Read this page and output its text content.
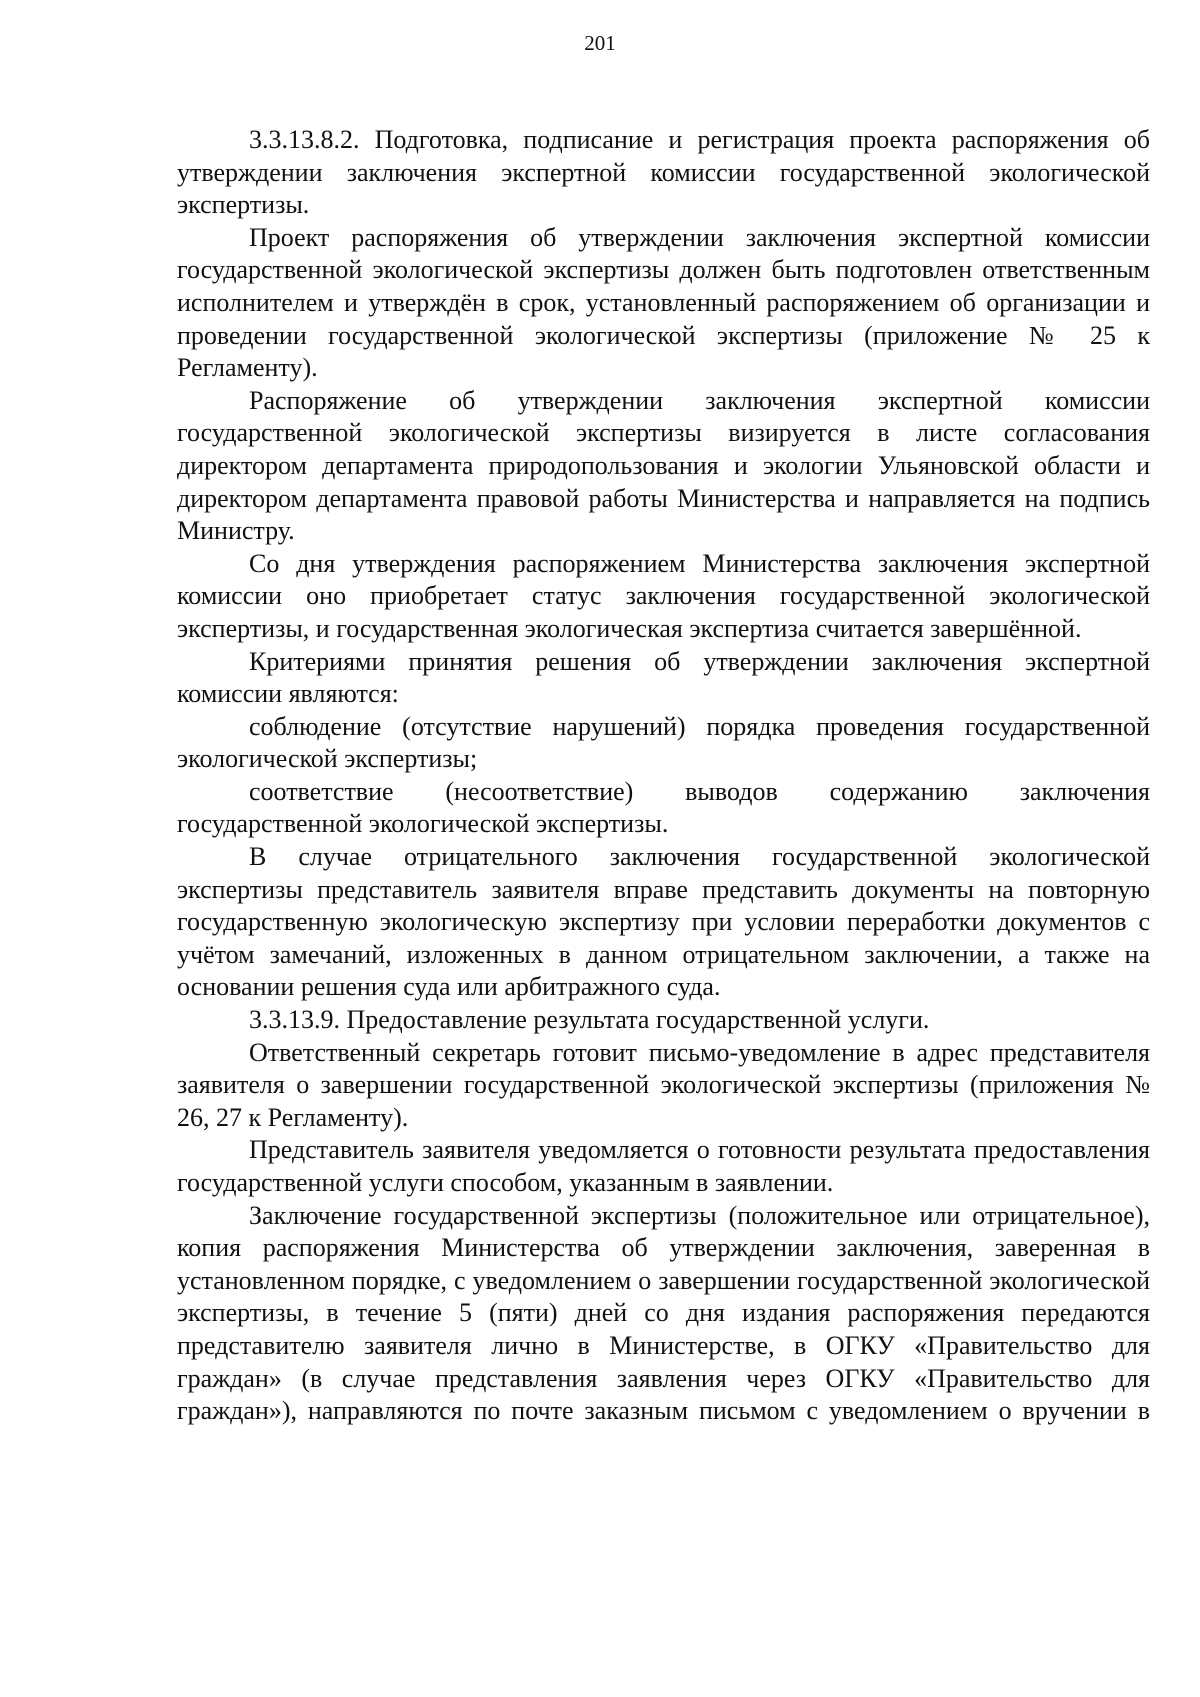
201

3.3.13.8.2. Подготовка, подписание и регистрация проекта распоряжения об утверждении заключения экспертной комиссии государственной экологической экспертизы.

Проект распоряжения об утверждении заключения экспертной комиссии государственной экологической экспертизы должен быть подготовлен ответственным исполнителем и утверждён в срок, установленный распоряжением об организации и проведении государственной экологической экспертизы (приложение № 25 к Регламенту).

Распоряжение об утверждении заключения экспертной комиссии государственной экологической экспертизы визируется в листе согласования директором департамента природопользования и экологии Ульяновской области и директором департамента правовой работы Министерства и направляется на подпись Министру.

Со дня утверждения распоряжением Министерства заключения экспертной комиссии оно приобретает статус заключения государственной экологической экспертизы, и государственная экологическая экспертиза считается завершённой.

Критериями принятия решения об утверждении заключения экспертной комиссии являются:

соблюдение (отсутствие нарушений) порядка проведения государственной экологической экспертизы;

соответствие (несоответствие) выводов содержанию заключения государственной экологической экспертизы.

В случае отрицательного заключения государственной экологической экспертизы представитель заявителя вправе представить документы на повторную государственную экологическую экспертизу при условии переработки документов с учётом замечаний, изложенных в данном отрицательном заключении, а также на основании решения суда или арбитражного суда.

3.3.13.9. Предоставление результата государственной услуги.

Ответственный секретарь готовит письмо-уведомление в адрес представителя заявителя о завершении государственной экологической экспертизы (приложения № 26, 27 к Регламенту).

Представитель заявителя уведомляется о готовности результата предоставления государственной услуги способом, указанным в заявлении.

Заключение государственной экспертизы (положительное или отрицательное), копия распоряжения Министерства об утверждении заключения, заверенная в установленном порядке, с уведомлением о завершении государственной экологической экспертизы, в течение 5 (пяти) дней со дня издания распоряжения передаются представителю заявителя лично в Министерстве, в ОГКУ «Правительство для граждан» (в случае представления заявления через ОГКУ «Правительство для граждан»), направляются по почте заказным письмом с уведомлением о вручении в
